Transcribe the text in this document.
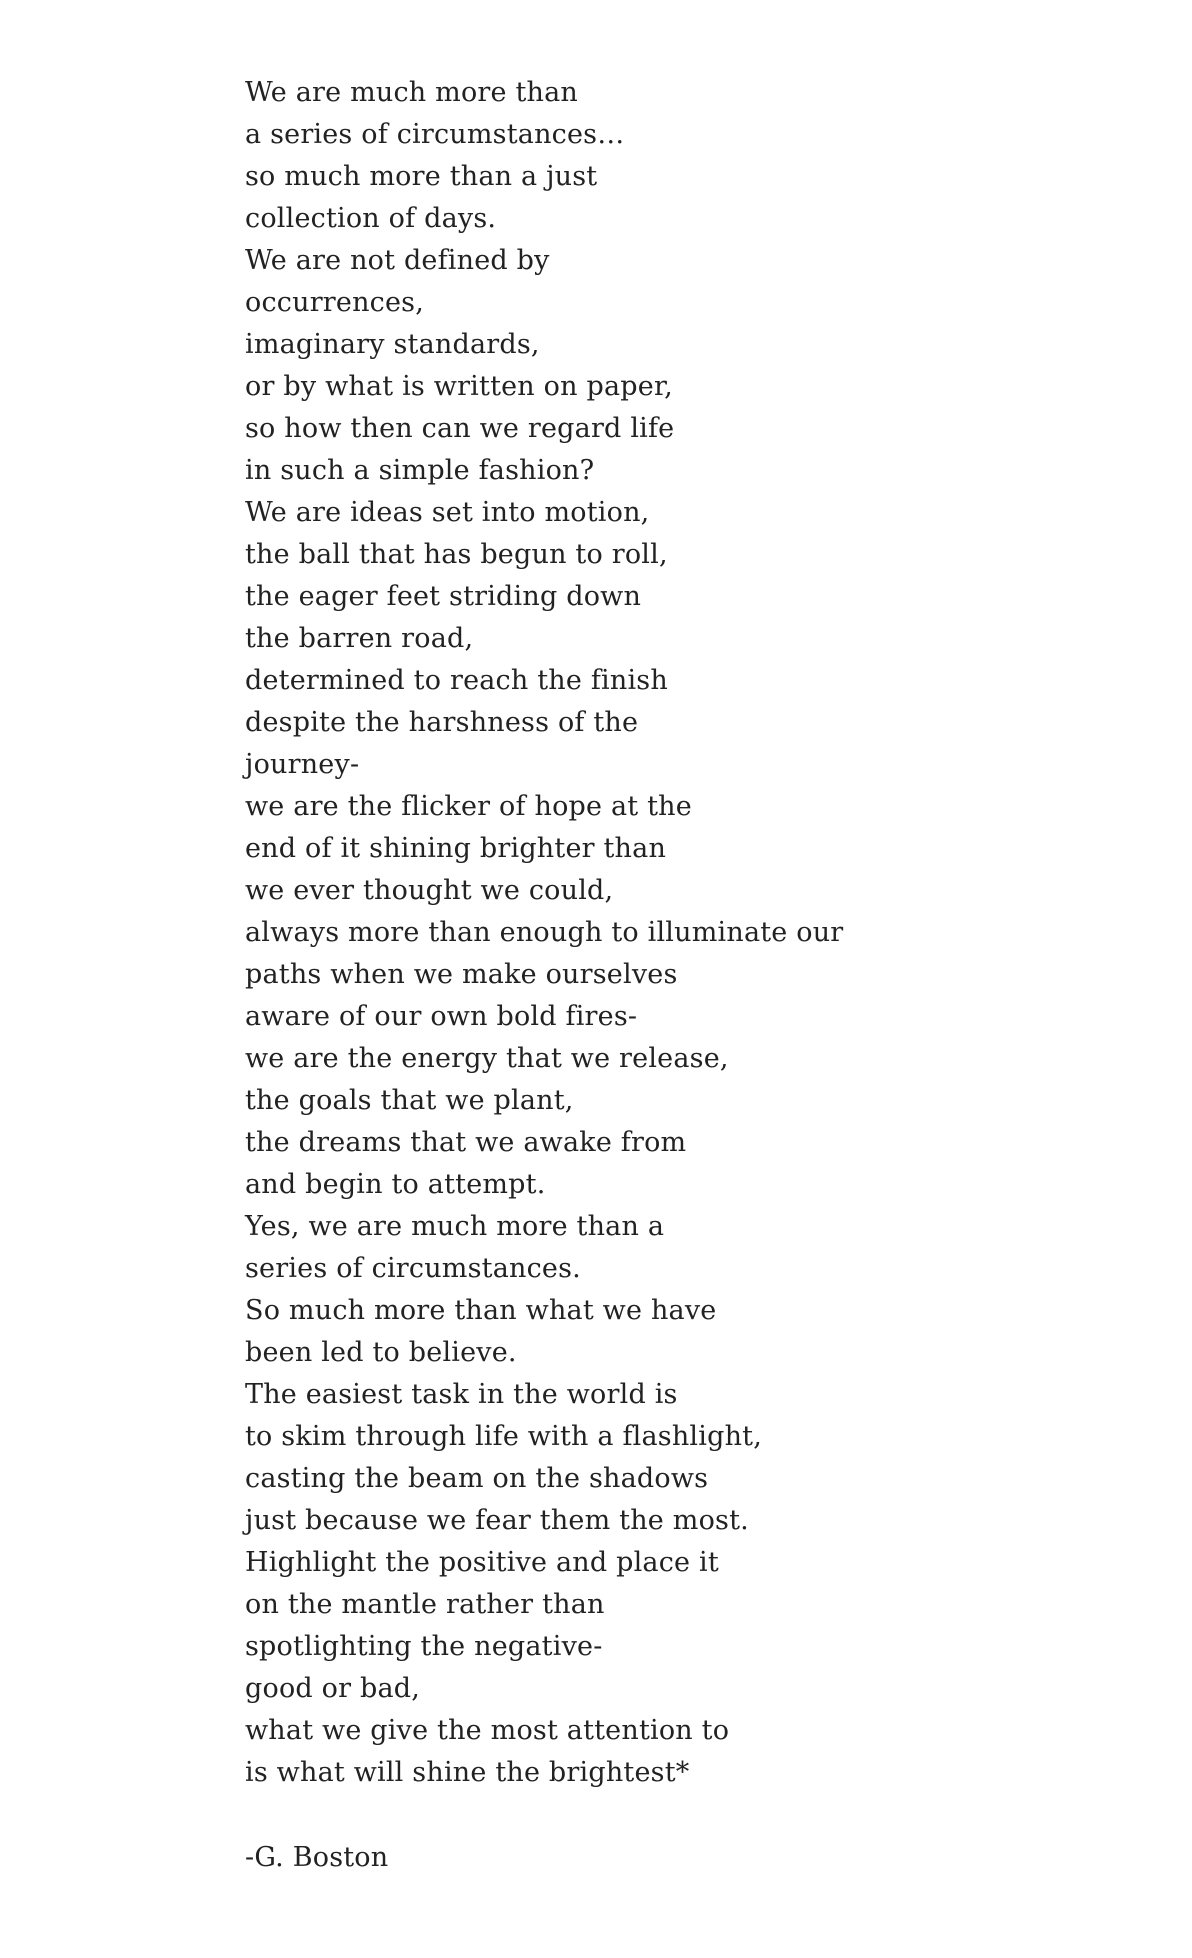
We are much more than
a series of circumstances…
so much more than a just
collection of days.
We are not defined by
occurrences,
imaginary standards,
or by what is written on paper,
so how then can we regard life
in such a simple fashion?
We are ideas set into motion,
the ball that has begun to roll,
the eager feet striding down
the barren road,
determined to reach the finish
despite the harshness of the
journey-
we are the flicker of hope at the
end of it shining brighter than
we ever thought we could,
always more than enough to illuminate our
paths when we make ourselves
aware of our own bold fires-
we are the energy that we release,
the goals that we plant,
the dreams that we awake from
and begin to attempt.
Yes, we are much more than a
series of circumstances.
So much more than what we have
been led to believe.
The easiest task in the world is
to skim through life with a flashlight,
casting the beam on the shadows
just because we fear them the most.
Highlight the positive and place it
on the mantle rather than
spotlighting the negative-
good or bad,
what we give the most attention to
is what will shine the brightest*
-G. Boston
